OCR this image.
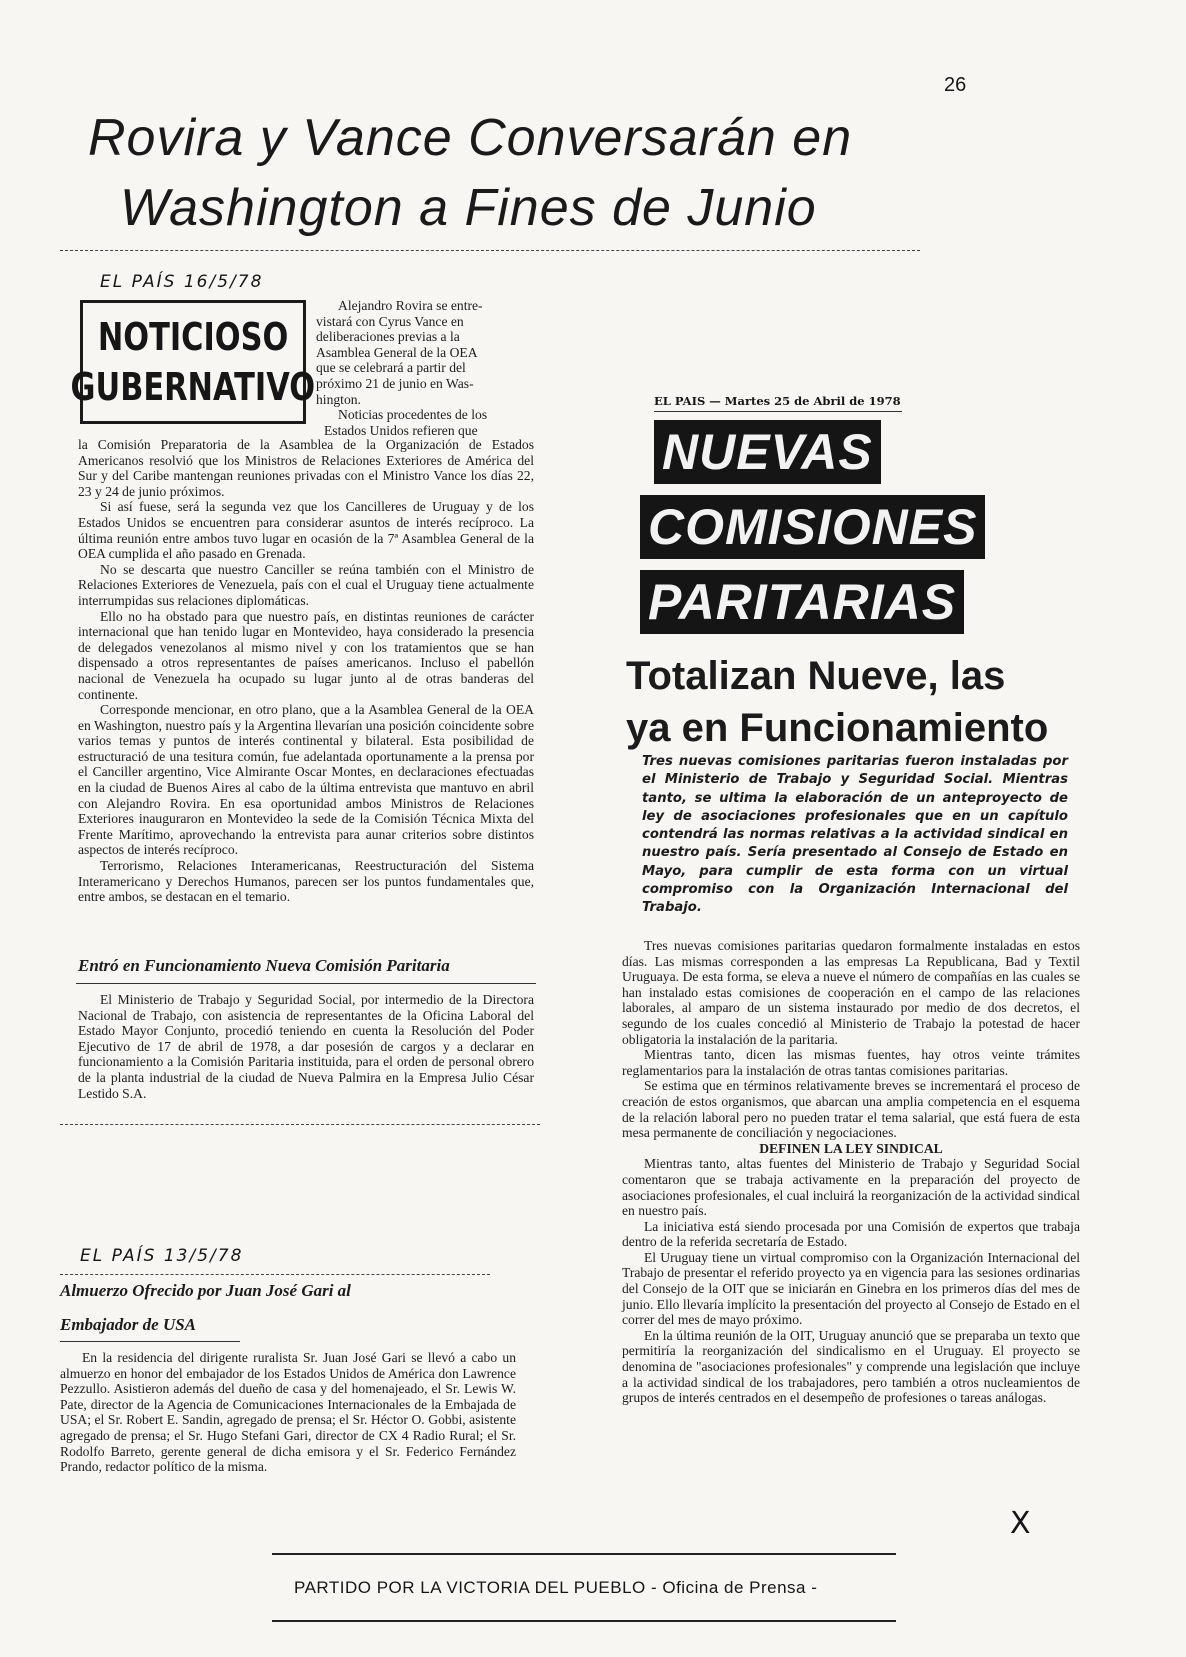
26
Rovira y Vance Conversarán en
Washington a Fines de Junio
EL PAÍS 16/5/78
NOTICIOSO
GUBERNATIVO
Alejandro Rovira se entre-
vistará con Cyrus Vance en
deliberaciones previas a la
Asamblea General de la OEA
que se celebrará a partir del
próximo 21 de junio en Was-
hington.
Noticias procedentes de los
Estados Unidos refieren que

la Comisión Preparatoria de la Asamblea de la Organización de Estados Americanos resolvió que los Ministros de Relaciones Exteriores de América del Sur y del Caribe mantengan reuniones privadas con el Ministro Vance los días 22, 23 y 24 de junio próximos.

Si así fuese, será la segunda vez que los Cancilleres de Uruguay y de los Estados Unidos se encuentren para considerar asuntos de interés recíproco. La última reunión entre ambos tuvo lugar en ocasión de la 7ª Asamblea General de la OEA cumplida el año pasado en Grenada.

No se descarta que nuestro Canciller se reúna también con el Ministro de Relaciones Exteriores de Venezuela, país con el cual el Uruguay tiene actualmente interrumpidas sus relaciones diplomáticas.

Ello no ha obstado para que nuestro país, en distintas reuniones de carácter internacional que han tenido lugar en Montevideo, haya considerado la presencia de delegados venezolanos al mismo nivel y con los tratamientos que se han dispensado a otros representantes de países americanos. Incluso el pabellón nacional de Venezuela ha ocupado su lugar junto al de otras banderas del continente.

Corresponde mencionar, en otro plano, que a la Asamblea General de la OEA en Washington, nuestro país y la Argentina llevarían una posición coincidente sobre varios temas y puntos de interés continental y bilateral. Esta posibilidad de estructuració de una tesitura común, fue adelantada oportunamente a la prensa por el Canciller argentino, Vice Almirante Oscar Montes, en declaraciones efectuadas en la ciudad de Buenos Aires al cabo de la última entrevista que mantuvo en abril con Alejandro Rovira. En esa oportunidad ambos Ministros de Relaciones Exteriores inauguraron en Montevideo la sede de la Comisión Técnica Mixta del Frente Marítimo, aprovechando la entrevista para aunar criterios sobre distintos aspectos de interés recíproco.

Terrorismo, Relaciones Interamericanas, Reestructuración del Sistema Interamericano y Derechos Humanos, parecen ser los puntos fundamentales que, entre ambos, se destacan en el temario.

Entró en Funcionamiento Nueva Comisión Paritaria

El Ministerio de Trabajo y Seguridad Social, por intermedio de la Directora Nacional de Trabajo, con asistencia de representantes de la Oficina Laboral del Estado Mayor Conjunto, procedió teniendo en cuenta la Resolución del Poder Ejecutivo de 17 de abril de 1978, a dar posesión de cargos y a declarar en funcionamiento a la Comisión Paritaria instituida, para el orden de personal obrero de la planta industrial de la ciudad de Nueva Palmira en la Empresa Julio César Lestido S.A.

EL PAÍS 13/5/78
Almuerzo Ofrecido por Juan José Gari al
Embajador de USA

En la residencia del dirigente ruralista Sr. Juan José Gari se llevó a cabo un almuerzo en honor del embajador de los Estados Unidos de América don Lawrence Pezzullo. Asistieron además del dueño de casa y del homenajeado, el Sr. Lewis W. Pate, director de la Agencia de Comunicaciones Internacionales de la Embajada de USA; el Sr. Robert E. Sandin, agregado de prensa; el Sr. Héctor O. Gobbi, asistente agregado de prensa; el Sr. Hugo Stefani Gari, director de CX 4 Radio Rural; el Sr. Rodolfo Barreto, gerente general de dicha emisora y el Sr. Federico Fernández Prando, redactor político de la misma.

EL PAIS — Martes 25 de Abril de 1978
NUEVAS
COMISIONES
PARITARIAS
Totalizan Nueve, las
ya en Funcionamiento
Tres nuevas comisiones paritarias fueron instaladas por el Ministerio de Trabajo y Seguridad Social. Mientras tanto, se ultima la elaboración de un anteproyecto de ley de asociaciones profesionales que en un capítulo contendrá las normas relativas a la actividad sindical en nuestro país. Sería presentado al Consejo de Estado en Mayo, para cumplir de esta forma con un virtual compromiso con la Organización Internacional del Trabajo.

Tres nuevas comisiones paritarias quedaron formalmente instaladas en estos días. Las mismas corresponden a las empresas La Republicana, Bad y Textil Uruguaya. De esta forma, se eleva a nueve el número de compañías en las cuales se han instalado estas comisiones de cooperación en el campo de las relaciones laborales, al amparo de un sistema instaurado por medio de dos decretos, el segundo de los cuales concedió al Ministerio de Trabajo la potestad de hacer obligatoria la instalación de la paritaria.

Mientras tanto, dicen las mismas fuentes, hay otros veinte trámites reglamentarios para la instalación de otras tantas comisiones paritarias.

Se estima que en términos relativamente breves se incrementará el proceso de creación de estos organismos, que abarcan una amplia competencia en el esquema de la relación laboral pero no pueden tratar el tema salarial, que está fuera de esta mesa permanente de conciliación y negociaciones.

DEFINEN LA LEY SINDICAL

Mientras tanto, altas fuentes del Ministerio de Trabajo y Seguridad Social comentaron que se trabaja activamente en la preparación del proyecto de asociaciones profesionales, el cual incluirá la reorganización de la actividad sindical en nuestro país.

La iniciativa está siendo procesada por una Comisión de expertos que trabaja dentro de la referida secretaría de Estado.

El Uruguay tiene un virtual compromiso con la Organización Internacional del Trabajo de presentar el referido proyecto ya en vigencia para las sesiones ordinarias del Consejo de la OIT que se iniciarán en Ginebra en los primeros días del mes de junio. Ello llevaría implícito la presentación del proyecto al Consejo de Estado en el correr del mes de mayo próximo.

En la última reunión de la OIT, Uruguay anunció que se preparaba un texto que permitiría la reorganización del sindicalismo en el Uruguay. El proyecto se denomina de "asociaciones profesionales" y comprende una legislación que incluye a la actividad sindical de los trabajadores, pero también a otros nucleamientos de grupos de interés centrados en el desempeño de profesiones o tareas análogas.

X
PARTIDO POR LA VICTORIA DEL PUEBLO - Oficina de Prensa -
